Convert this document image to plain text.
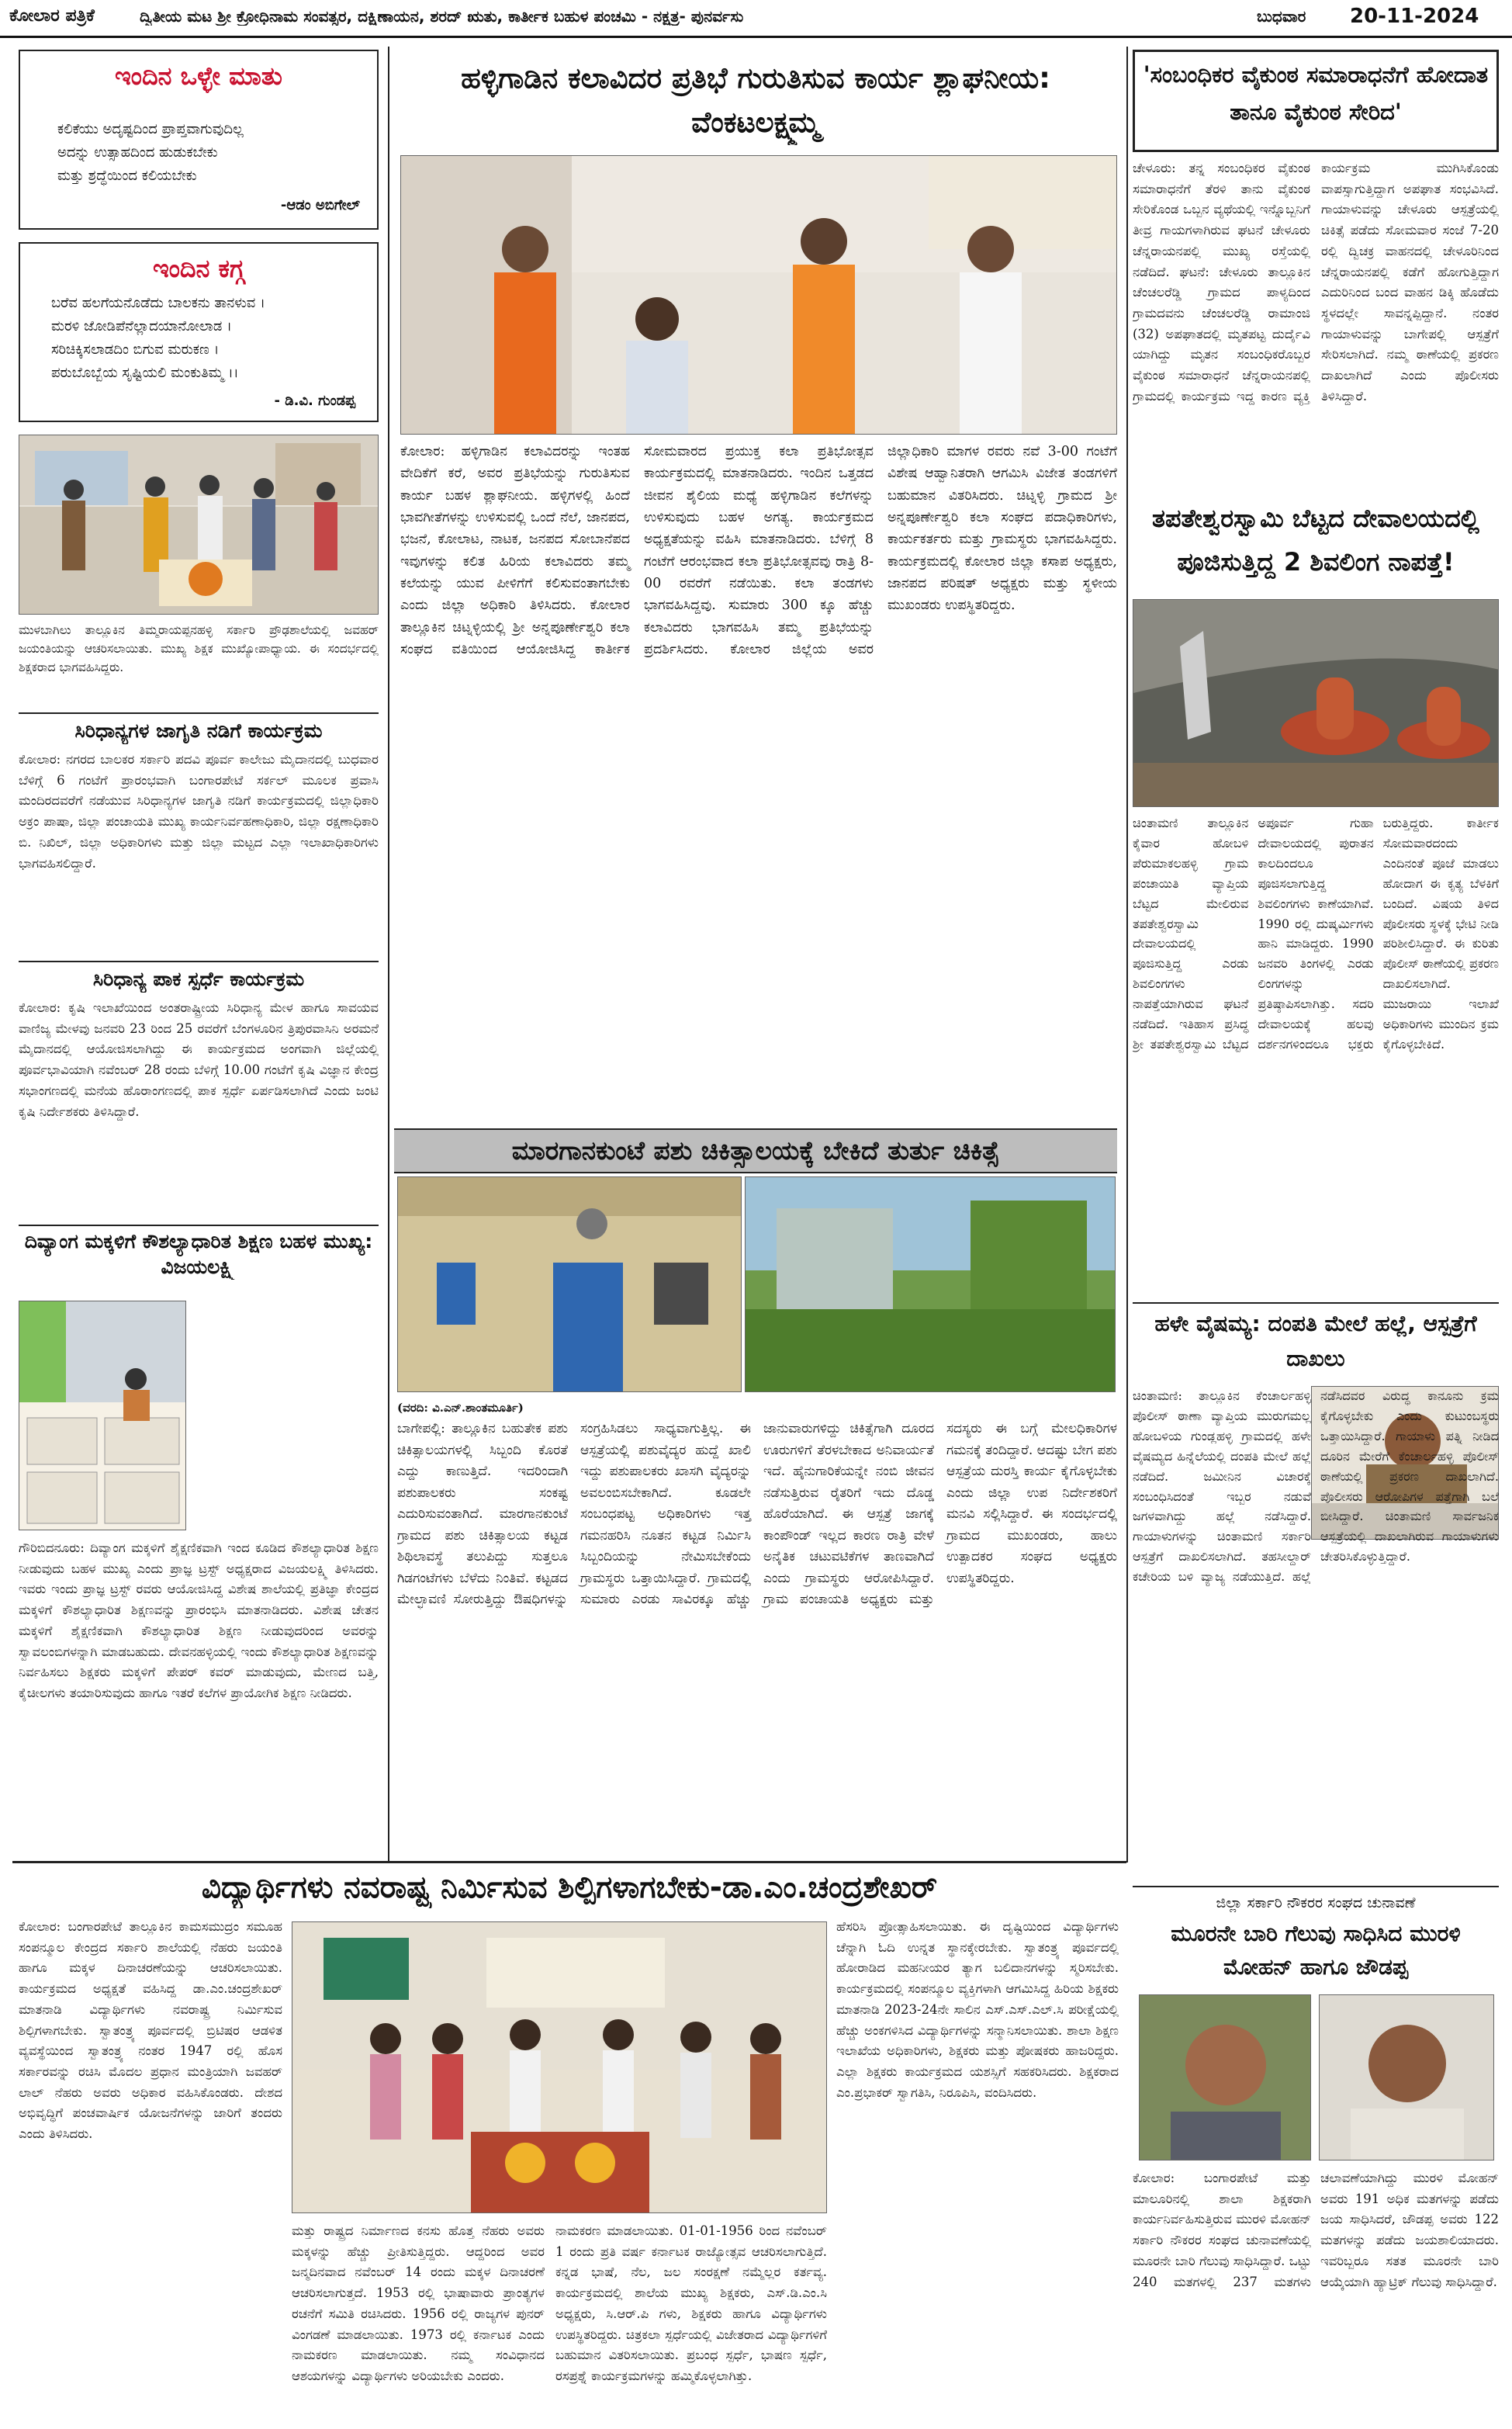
ಕೋಲಾರ ಪತ್ರಿಕೆ	ದ್ವಿತೀಯ ಮಟ ಶ್ರೀ ಕ್ರೋಧಿನಾಮ ಸಂವತ್ಸರ, ದಕ್ಷಿಣಾಯನ, ಶರದ್ ಋತು, ಕಾರ್ತೀಕ ಬಹುಳ ಪಂಚಮಿ - ನಕ್ಷತ್ರ- ಪುನರ್ವಸು	ಬುಧವಾರ 20-11-2024
ಇಂದಿನ ಒಳ್ಳೇ ಮಾತು
ಕಲಿಕೆಯು ಅದೃಷ್ಟದಿಂದ ಪ್ರಾಪ್ತವಾಗುವುದಿಲ್ಲ
ಅದನ್ನು ಉತ್ಸಾಹದಿಂದ ಹುಡುಕಬೇಕು
ಮತ್ತು ಶ್ರದ್ಧೆಯಿಂದ ಕಲಿಯಬೇಕು
-ಆಡಂ ಅಬಿಗೇಲ್
ಇಂದಿನ ಕಗ್ಗ
ಬರೆವ ಹಲಗೆಯನೊಡೆದು ಬಾಲಕನು ತಾನಳುವ ।
ಮರಳಿ ಜೋಡಿಪೆನೆಲ್ಲಾದಯಾನೋಲಾಡ ।
ಸರಿಚಿಕ್ಕಿಸಲಾಡದಿಂ ಬಿಗುವ ಮರುಕಣ ।
ಪರುಬೊಬ್ಬೆಯ ಸೃಷ್ಟಿಯಲಿ ಮಂಕುತಿಮ್ಮ ।।
- ಡಿ.ವಿ. ಗುಂಡಪ್ಪ
ಮುಳಬಾಗಿಲು ತಾಲ್ಲೂಕಿನ ತಿಮ್ಮರಾಯಪ್ಪನಹಳ್ಳಿ ಸರ್ಕಾರಿ ಪ್ರೌಢಶಾಲೆಯಲ್ಲಿ ಜವಹರ್ ಜಯಂತಿಯನ್ನು ಆಚರಿಸಲಾಯಿತು. ಮುಖ್ಯ ಶಿಕ್ಷಕ ಮುಖ್ಯೋಪಾಧ್ಯಾಯ. ಈ ಸಂದರ್ಭದಲ್ಲಿ ಶಿಕ್ಷಕರಾದ ಭಾಗವಹಿಸಿದ್ದರು.
ಸಿರಿಧಾನ್ಯಗಳ ಜಾಗೃತಿ ನಡಿಗೆ ಕಾರ್ಯಕ್ರಮ
ಕೋಲಾರ: ನಗರದ ಬಾಲಕರ ಸರ್ಕಾರಿ ಪದವಿ ಪೂರ್ವ ಕಾಲೇಜು ಮೈದಾನದಲ್ಲಿ ಬುಧವಾರ ಬೆಳಿಗ್ಗೆ 6 ಗಂಟೆಗೆ ಪ್ರಾರಂಭವಾಗಿ ಬಂಗಾರಪೇಟೆ ಸರ್ಕಲ್ ಮೂಲಕ ಪ್ರವಾಸಿ ಮಂದಿರದವರೆಗೆ ನಡೆಯುವ ಸಿರಿಧಾನ್ಯಗಳ ಜಾಗೃತಿ ನಡಿಗೆ ಕಾರ್ಯಕ್ರಮದಲ್ಲಿ ಜಿಲ್ಲಾಧಿಕಾರಿ ಅಕ್ರಂ ಪಾಷಾ, ಜಿಲ್ಲಾ ಪಂಚಾಯತಿ ಮುಖ್ಯ ಕಾರ್ಯನಿರ್ವಹಣಾಧಿಕಾರಿ, ಜಿಲ್ಲಾ ರಕ್ಷಣಾಧಿಕಾರಿ ಬಿ. ನಿಖಿಲ್, ಜಿಲ್ಲಾ ಅಧಿಕಾರಿಗಳು ಮತ್ತು ಜಿಲ್ಲಾ ಮಟ್ಟದ ಎಲ್ಲಾ ಇಲಾಖಾಧಿಕಾರಿಗಳು ಭಾಗವಹಿಸಲಿದ್ದಾರೆ.
ಸಿರಿಧಾನ್ಯ ಪಾಕ ಸ್ಪರ್ಧೆ ಕಾರ್ಯಕ್ರಮ
ಕೋಲಾರ: ಕೃಷಿ ಇಲಾಖೆಯಿಂದ ಅಂತರಾಷ್ಟ್ರೀಯ ಸಿರಿಧಾನ್ಯ ಮೇಳ ಹಾಗೂ ಸಾವಯವ ವಾಣಿಜ್ಯ ಮೇಳವು ಜನವರಿ 23 ರಿಂದ 25 ರವರೆಗೆ ಬೆಂಗಳೂರಿನ ತ್ರಿಪುರವಾಸಿನಿ ಅರಮನೆ ಮೈದಾನದಲ್ಲಿ ಆಯೋಜಿಸಲಾಗಿದ್ದು ಈ ಕಾರ್ಯಕ್ರಮದ ಅಂಗವಾಗಿ ಜಿಲ್ಲೆಯಲ್ಲಿ ಪೂರ್ವಭಾವಿಯಾಗಿ ನವೆಂಬರ್ 28 ರಂದು ಬೆಳಿಗ್ಗೆ 10.00 ಗಂಟೆಗೆ ಕೃಷಿ ವಿಜ್ಞಾನ ಕೇಂದ್ರ ಸಭಾಂಗಣದಲ್ಲಿ ಮನೆಯ ಹೊರಾಂಗಣದಲ್ಲಿ ಪಾಕ ಸ್ಪರ್ಧೆ ಏರ್ಪಡಿಸಲಾಗಿದೆ ಎಂದು ಜಂಟಿ ಕೃಷಿ ನಿರ್ದೇಶಕರು ತಿಳಿಸಿದ್ದಾರೆ.
ದಿವ್ಯಾಂಗ ಮಕ್ಕಳಿಗೆ ಕೌಶಲ್ಯಾಧಾರಿತ ಶಿಕ್ಷಣ ಬಹಳ ಮುಖ್ಯ: ವಿಜಯಲಕ್ಷ್ಮಿ
ಗೌರಿಬಿದನೂರು: ದಿವ್ಯಾಂಗ ಮಕ್ಕಳಿಗೆ ಶೈಕ್ಷಣಿಕವಾಗಿ ಇಂದ ಕೂಡಿದ ಕೌಶಲ್ಯಾಧಾರಿತ ಶಿಕ್ಷಣ ನೀಡುವುದು ಬಹಳ ಮುಖ್ಯ ಎಂದು ಪ್ರಾಜ್ಞ ಟ್ರಸ್ಟ್ ಅಧ್ಯಕ್ಷರಾದ ವಿಜಯಲಕ್ಷ್ಮಿ ತಿಳಿಸಿದರು. ಇವರು ಇಂದು ಪ್ರಾಜ್ಞ ಟ್ರಸ್ಟ್ ರವರು ಆಯೋಜಿಸಿದ್ದ ವಿಶೇಷ ಶಾಲೆಯಲ್ಲಿ ಪ್ರತಿಜ್ಞಾ ಕೇಂದ್ರದ ಮಕ್ಕಳಿಗೆ ಕೌಶಲ್ಯಾಧಾರಿತ ಶಿಕ್ಷಣವನ್ನು ಪ್ರಾರಂಭಿಸಿ ಮಾತನಾಡಿದರು. ವಿಶೇಷ ಚೇತನ ಮಕ್ಕಳಿಗೆ ಶೈಕ್ಷಣಿಕವಾಗಿ ಕೌಶಲ್ಯಾಧಾರಿತ ಶಿಕ್ಷಣ ನೀಡುವುದರಿಂದ ಅವರನ್ನು ಸ್ವಾವಲಂಬಿಗಳನ್ನಾಗಿ ಮಾಡಬಹುದು. ದೇವನಹಳ್ಳಿಯಲ್ಲಿ ಇಂದು ಕೌಶಲ್ಯಾಧಾರಿತ ಶಿಕ್ಷಣವನ್ನು ನಿರ್ವಹಿಸಲು ಶಿಕ್ಷಕರು ಮಕ್ಕಳಿಗೆ ಪೇಪರ್ ಕವರ್ ಮಾಡುವುದು, ಮೇಣದ ಬತ್ತಿ, ಕೈಚೀಲಗಳು ತಯಾರಿಸುವುದು ಹಾಗೂ ಇತರೆ ಕಲೆಗಳ ಪ್ರಾಯೋಗಿಕ ಶಿಕ್ಷಣ ನೀಡಿದರು.
ಹಳ್ಳಿಗಾಡಿನ ಕಲಾವಿದರ ಪ್ರತಿಭೆ ಗುರುತಿಸುವ ಕಾರ್ಯ ಶ್ಲಾಘನೀಯ: ವೆಂಕಟಲಕ್ಷ್ಮಮ್ಮ
ಕೋಲಾರ: ಹಳ್ಳಿಗಾಡಿನ ಕಲಾವಿದರನ್ನು ಇಂತಹ ವೇದಿಕೆಗೆ ಕರೆ, ಅವರ ಪ್ರತಿಭೆಯನ್ನು ಗುರುತಿಸುವ ಕಾರ್ಯ ಬಹಳ ಶ್ಲಾಘನೀಯ. ಹಳ್ಳಿಗಳಲ್ಲಿ ಹಿಂದೆ ಭಾವಗೀತೆಗಳನ್ನು ಉಳಿಸುವಲ್ಲಿ ಒಂದೆ ನೆಲೆ, ಜಾನಪದ, ಭಜನೆ, ಕೋಲಾಟ, ನಾಟಕ, ಜನಪದ ಸೋಬಾನೆಪದ ಇವುಗಳನ್ನು ಕಲಿತ ಹಿರಿಯ ಕಲಾವಿದರು ತಮ್ಮ ಕಲೆಯನ್ನು ಯುವ ಪೀಳಿಗೆಗೆ ಕಲಿಸುವಂತಾಗಬೇಕು ಎಂದು ಜಿಲ್ಲಾ ಅಧಿಕಾರಿ ತಿಳಿಸಿದರು. ಕೋಲಾರ ತಾಲ್ಲೂಕಿನ ಚಿಟ್ನಳ್ಳಿಯಲ್ಲಿ ಶ್ರೀ ಅನ್ನಪೂರ್ಣೇಶ್ವರಿ ಕಲಾ ಸಂಘದ ವತಿಯಿಂದ ಆಯೋಜಿಸಿದ್ದ ಕಾರ್ತೀಕ ಸೋಮವಾರದ ಪ್ರಯುಕ್ತ ಕಲಾ ಪ್ರತಿಭೋತ್ಸವ ಕಾರ್ಯಕ್ರಮದಲ್ಲಿ ಮಾತನಾಡಿದರು. ಇಂದಿನ ಒತ್ತಡದ ಜೀವನ ಶೈಲಿಯ ಮಧ್ಯೆ ಹಳ್ಳಿಗಾಡಿನ ಕಲೆಗಳನ್ನು ಉಳಿಸುವುದು ಬಹಳ ಅಗತ್ಯ. ಕಾರ್ಯಕ್ರಮದ ಅಧ್ಯಕ್ಷತೆಯನ್ನು ವಹಿಸಿ ಮಾತನಾಡಿದರು. ಬೆಳಿಗ್ಗೆ 8 ಗಂಟೆಗೆ ಆರಂಭವಾದ ಕಲಾ ಪ್ರತಿಭೋತ್ಸವವು ರಾತ್ರಿ 8-00 ರವರೆಗೆ ನಡೆಯಿತು. ಕಲಾ ತಂಡಗಳು ಭಾಗವಹಿಸಿದ್ದವು. ಸುಮಾರು 300 ಕ್ಕೂ ಹೆಚ್ಚು ಕಲಾವಿದರು ಭಾಗವಹಿಸಿ ತಮ್ಮ ಪ್ರತಿಭೆಯನ್ನು ಪ್ರದರ್ಶಿಸಿದರು. ಕೋಲಾರ ಜಿಲ್ಲೆಯ ಅವರ ಜಿಲ್ಲಾಧಿಕಾರಿ ಮಾಗಳ ರವರು ನವೆ 3-00 ಗಂಟೆಗೆ ವಿಶೇಷ ಆಹ್ವಾನಿತರಾಗಿ ಆಗಮಿಸಿ ವಿಜೇತ ತಂಡಗಳಿಗೆ ಬಹುಮಾನ ವಿತರಿಸಿದರು. ಚಿಟ್ನಳ್ಳಿ ಗ್ರಾಮದ ಶ್ರೀ ಅನ್ನಪೂರ್ಣೇಶ್ವರಿ ಕಲಾ ಸಂಘದ ಪದಾಧಿಕಾರಿಗಳು, ಕಾರ್ಯಕರ್ತರು ಮತ್ತು ಗ್ರಾಮಸ್ಥರು ಭಾಗವಹಿಸಿದ್ದರು. ಕಾರ್ಯಕ್ರಮದಲ್ಲಿ ಕೋಲಾರ ಜಿಲ್ಲಾ ಕಸಾಪ ಅಧ್ಯಕ್ಷರು, ಜಾನಪದ ಪರಿಷತ್ ಅಧ್ಯಕ್ಷರು ಮತ್ತು ಸ್ಥಳೀಯ ಮುಖಂಡರು ಉಪಸ್ಥಿತರಿದ್ದರು.
ಮಾರಗಾನಕುಂಟೆ ಪಶು ಚಿಕಿತ್ಸಾಲಯಕ್ಕೆ ಬೇಕಿದೆ ತುರ್ತು ಚಿಕಿತ್ಸೆ
(ವರದಿ: ವಿ.ಎನ್.ಶಾಂತಮೂರ್ತಿ)
ಬಾಗೇಪಲ್ಲಿ: ತಾಲ್ಲೂಕಿನ ಬಹುತೇಕ ಪಶು ಚಿಕಿತ್ಸಾಲಯಗಳಲ್ಲಿ ಸಿಬ್ಬಂದಿ ಕೊರತೆ ಎದ್ದು ಕಾಣುತ್ತಿದೆ. ಇದರಿಂದಾಗಿ ಪಶುಪಾಲಕರು ಸಂಕಷ್ಟ ಎದುರಿಸುವಂತಾಗಿದೆ. ಮಾರಗಾನಕುಂಟೆ ಗ್ರಾಮದ ಪಶು ಚಿಕಿತ್ಸಾಲಯ ಕಟ್ಟಡ ಶಿಥಿಲಾವಸ್ಥೆ ತಲುಪಿದ್ದು ಸುತ್ತಲೂ ಗಿಡಗಂಟೆಗಳು ಬೆಳೆದು ನಿಂತಿವೆ. ಕಟ್ಟಡದ ಮೇಲ್ಛಾವಣಿ ಸೋರುತ್ತಿದ್ದು ಔಷಧಿಗಳನ್ನು ಸಂಗ್ರಹಿಸಿಡಲು ಸಾಧ್ಯವಾಗುತ್ತಿಲ್ಲ. ಈ ಆಸ್ಪತ್ರೆಯಲ್ಲಿ ಪಶುವೈದ್ಯರ ಹುದ್ದೆ ಖಾಲಿ ಇದ್ದು ಪಶುಪಾಲಕರು ಖಾಸಗಿ ವೈದ್ಯರನ್ನು ಅವಲಂಬಿಸಬೇಕಾಗಿದೆ. ಕೂಡಲೇ ಸಂಬಂಧಪಟ್ಟ ಅಧಿಕಾರಿಗಳು ಇತ್ತ ಗಮನಹರಿಸಿ ನೂತನ ಕಟ್ಟಡ ನಿರ್ಮಿಸಿ ಸಿಬ್ಬಂದಿಯನ್ನು ನೇಮಿಸಬೇಕೆಂದು ಗ್ರಾಮಸ್ಥರು ಒತ್ತಾಯಿಸಿದ್ದಾರೆ. ಗ್ರಾಮದಲ್ಲಿ ಸುಮಾರು ಎರಡು ಸಾವಿರಕ್ಕೂ ಹೆಚ್ಚು ಜಾನುವಾರುಗಳಿದ್ದು ಚಿಕಿತ್ಸೆಗಾಗಿ ದೂರದ ಊರುಗಳಿಗೆ ತೆರಳಬೇಕಾದ ಅನಿವಾರ್ಯತೆ ಇದೆ. ಹೈನುಗಾರಿಕೆಯನ್ನೇ ನಂಬಿ ಜೀವನ ನಡೆಸುತ್ತಿರುವ ರೈತರಿಗೆ ಇದು ದೊಡ್ಡ ಹೊರೆಯಾಗಿದೆ. ಈ ಆಸ್ಪತ್ರೆ ಜಾಗಕ್ಕೆ ಕಾಂಪೌಂಡ್ ಇಲ್ಲದ ಕಾರಣ ರಾತ್ರಿ ವೇಳೆ ಅನೈತಿಕ ಚಟುವಟಿಕೆಗಳ ತಾಣವಾಗಿದೆ ಎಂದು ಗ್ರಾಮಸ್ಥರು ಆರೋಪಿಸಿದ್ದಾರೆ. ಗ್ರಾಮ ಪಂಚಾಯತಿ ಅಧ್ಯಕ್ಷರು ಮತ್ತು ಸದಸ್ಯರು ಈ ಬಗ್ಗೆ ಮೇಲಧಿಕಾರಿಗಳ ಗಮನಕ್ಕೆ ತಂದಿದ್ದಾರೆ. ಆದಷ್ಟು ಬೇಗ ಪಶು ಆಸ್ಪತ್ರೆಯ ದುರಸ್ತಿ ಕಾರ್ಯ ಕೈಗೊಳ್ಳಬೇಕು ಎಂದು ಜಿಲ್ಲಾ ಉಪ ನಿರ್ದೇಶಕರಿಗೆ ಮನವಿ ಸಲ್ಲಿಸಿದ್ದಾರೆ. ಈ ಸಂದರ್ಭದಲ್ಲಿ ಗ್ರಾಮದ ಮುಖಂಡರು, ಹಾಲು ಉತ್ಪಾದಕರ ಸಂಘದ ಅಧ್ಯಕ್ಷರು ಉಪಸ್ಥಿತರಿದ್ದರು.
'ಸಂಬಂಧಿಕರ ವೈಕುಂಠ ಸಮಾರಾಧನೆಗೆ ಹೋದಾತ ತಾನೂ ವೈಕುಂಠ ಸೇರಿದ'
ಚೇಳೂರು: ತನ್ನ ಸಂಬಂಧಿಕರ ವೈಕುಂಠ ಸಮಾರಾಧನೆಗೆ ತೆರಳಿ ತಾನು ವೈಕುಂಠ ಸೇರಿಕೊಂಡ ಒಬ್ಬನ ವ್ಯಥೆಯಲ್ಲಿ ಇನ್ನೊಬ್ಬನಿಗೆ ತೀವ್ರ ಗಾಯಗಳಾಗಿರುವ ಘಟನೆ ಚೇಳೂರು ಚೆನ್ನರಾಯನಪಲ್ಲಿ ಮುಖ್ಯ ರಸ್ತೆಯಲ್ಲಿ ನಡೆದಿದೆ. ಘಟನೆ: ಚೇಳೂರು ತಾಲ್ಲೂಕಿನ ಚೆಂಚಲರೆಡ್ಡಿ ಗ್ರಾಮದ ಪಾಳ್ಯದಿಂದ ಗ್ರಾಮದವನು ಚೆಂಚಲರೆಡ್ಡಿ ರಾಮಾಂಜಿ (32) ಅಪಘಾತದಲ್ಲಿ ಮೃತಪಟ್ಟ ದುರ್ದೈವಿ ಯಾಗಿದ್ದು ಮೃತನ ಸಂಬಂಧಿಕರೊಬ್ಬರ ವೈಕುಂಠ ಸಮಾರಾಧನೆ ಚೆನ್ನರಾಯನಪಲ್ಲಿ ಗ್ರಾಮದಲ್ಲಿ ಕಾರ್ಯಕ್ರಮ ಇದ್ದ ಕಾರಣ ವ್ಯಕ್ತಿ ಕಾರ್ಯಕ್ರಮ ಮುಗಿಸಿಕೊಂಡು ವಾಪಸ್ಸಾಗುತ್ತಿದ್ದಾಗ ಅಪಘಾತ ಸಂಭವಿಸಿದೆ. ಗಾಯಾಳುವನ್ನು ಚೇಳೂರು ಆಸ್ಪತ್ರೆಯಲ್ಲಿ ಚಿಕಿತ್ಸೆ ಪಡೆದು ಸೋಮವಾರ ಸಂಜೆ 7-20 ರಲ್ಲಿ ದ್ವಿಚಕ್ರ ವಾಹನದಲ್ಲಿ ಚೇಳೂರಿನಿಂದ ಚೆನ್ನರಾಯನಪಲ್ಲಿ ಕಡೆಗೆ ಹೋಗುತ್ತಿದ್ದಾಗ ಎದುರಿನಿಂದ ಬಂದ ವಾಹನ ಡಿಕ್ಕಿ ಹೊಡೆದು ಸ್ಥಳದಲ್ಲೇ ಸಾವನ್ನಪ್ಪಿದ್ದಾನೆ. ನಂತರ ಗಾಯಾಳುವನ್ನು ಬಾಗೇಪಲ್ಲಿ ಆಸ್ಪತ್ರೆಗೆ ಸೇರಿಸಲಾಗಿದೆ. ನಮ್ಮ ಠಾಣೆಯಲ್ಲಿ ಪ್ರಕರಣ ದಾಖಲಾಗಿದೆ ಎಂದು ಪೊಲೀಸರು ತಿಳಿಸಿದ್ದಾರೆ.
ತಪತೇಶ್ವರಸ್ವಾಮಿ ಬೆಟ್ಟದ ದೇವಾಲಯದಲ್ಲಿ ಪೂಜಿಸುತ್ತಿದ್ದ 2 ಶಿವಲಿಂಗ ನಾಪತ್ತೆ!
ಚಿಂತಾಮಣಿ ತಾಲ್ಲೂಕಿನ ಕೈವಾರ ಹೋಬಳಿ ಪೆರುಮಾಕಲಹಳ್ಳಿ ಗ್ರಾಮ ಪಂಚಾಯಿತಿ ವ್ಯಾಪ್ತಿಯ ಬೆಟ್ಟದ ಮೇಲಿರುವ ತಪತೇಶ್ವರಸ್ವಾಮಿ ದೇವಾಲಯದಲ್ಲಿ ಪೂಜಿಸುತ್ತಿದ್ದ ಎರಡು ಶಿವಲಿಂಗಗಳು ನಾಪತ್ತೆಯಾಗಿರುವ ಘಟನೆ ನಡೆದಿದೆ. ಇತಿಹಾಸ ಪ್ರಸಿದ್ಧ ಶ್ರೀ ತಪತೇಶ್ವರಸ್ವಾಮಿ ಬೆಟ್ಟದ ಅಪೂರ್ವ ಗುಹಾ ದೇವಾಲಯದಲ್ಲಿ ಪುರಾತನ ಕಾಲದಿಂದಲೂ ಪೂಜಿಸಲಾಗುತ್ತಿದ್ದ ಶಿವಲಿಂಗಗಳು ಕಾಣೆಯಾಗಿವೆ. 1990 ರಲ್ಲಿ ದುಷ್ಕರ್ಮಿಗಳು ಹಾನಿ ಮಾಡಿದ್ದರು. 1990 ಜನವರಿ ತಿಂಗಳಲ್ಲಿ ಎರಡು ಲಿಂಗಗಳನ್ನು ಪ್ರತಿಷ್ಠಾಪಿಸಲಾಗಿತ್ತು. ಸದರಿ ದೇವಾಲಯಕ್ಕೆ ಹಲವು ದರ್ಶನಗಳಿಂದಲೂ ಭಕ್ತರು ಬರುತ್ತಿದ್ದರು. ಕಾರ್ತೀಕ ಸೋಮವಾರದಂದು ಎಂದಿನಂತೆ ಪೂಜೆ ಮಾಡಲು ಹೋದಾಗ ಈ ಕೃತ್ಯ ಬೆಳಕಿಗೆ ಬಂದಿದೆ. ವಿಷಯ ತಿಳಿದ ಪೊಲೀಸರು ಸ್ಥಳಕ್ಕೆ ಭೇಟಿ ನೀಡಿ ಪರಿಶೀಲಿಸಿದ್ದಾರೆ. ಈ ಕುರಿತು ಪೊಲೀಸ್ ಠಾಣೆಯಲ್ಲಿ ಪ್ರಕರಣ ದಾಖಲಿಸಲಾಗಿದೆ. ಮುಜರಾಯಿ ಇಲಾಖೆ ಅಧಿಕಾರಿಗಳು ಮುಂದಿನ ಕ್ರಮ ಕೈಗೊಳ್ಳಬೇಕಿದೆ.
ಹಳೇ ವೈಷಮ್ಯ: ದಂಪತಿ ಮೇಲೆ ಹಲ್ಲೆ, ಆಸ್ಪತ್ರೆಗೆ ದಾಖಲು
ಚಿಂತಾಮಣಿ: ತಾಲ್ಲೂಕಿನ ಕೆಂಚಾರ್ಲಹಳ್ಳಿ ಪೊಲೀಸ್ ಠಾಣಾ ವ್ಯಾಪ್ತಿಯ ಮುರುಗಮಲ್ಲ ಹೋಬಳಿಯ ಗುಂಡ್ಲಹಳ್ಳಿ ಗ್ರಾಮದಲ್ಲಿ ಹಳೇ ವೈಷಮ್ಯದ ಹಿನ್ನೆಲೆಯಲ್ಲಿ ದಂಪತಿ ಮೇಲೆ ಹಲ್ಲೆ ನಡೆದಿದೆ. ಜಮೀನಿನ ವಿಚಾರಕ್ಕೆ ಸಂಬಂಧಿಸಿದಂತೆ ಇಬ್ಬರ ನಡುವೆ ಜಗಳವಾಗಿದ್ದು ಹಲ್ಲೆ ನಡೆಸಿದ್ದಾರೆ. ಗಾಯಾಳುಗಳನ್ನು ಚಿಂತಾಮಣಿ ಸರ್ಕಾರಿ ಆಸ್ಪತ್ರೆಗೆ ದಾಖಲಿಸಲಾಗಿದೆ. ತಹಸೀಲ್ದಾರ್ ಕಚೇರಿಯ ಬಳಿ ವ್ಯಾಜ್ಯ ನಡೆಯುತ್ತಿದೆ. ಹಲ್ಲೆ ನಡೆಸಿದವರ ವಿರುದ್ಧ ಕಾನೂನು ಕ್ರಮ ಕೈಗೊಳ್ಳಬೇಕು ಎಂದು ಕುಟುಂಬಸ್ಥರು ಒತ್ತಾಯಿಸಿದ್ದಾರೆ. ಗಾಯಾಳು ಪತ್ನಿ ನೀಡಿದ ದೂರಿನ ಮೇರೆಗೆ ಕೆಂಚಾರ್ಲಹಳ್ಳಿ ಪೊಲೀಸ್ ಠಾಣೆಯಲ್ಲಿ ಪ್ರಕರಣ ದಾಖಲಾಗಿದೆ. ಪೊಲೀಸರು ಆರೋಪಿಗಳ ಪತ್ತೆಗಾಗಿ ಬಲೆ ಬೀಸಿದ್ದಾರೆ. ಚಿಂತಾಮಣಿ ಸಾರ್ವಜನಿಕ ಆಸ್ಪತ್ರೆಯಲ್ಲಿ ದಾಖಲಾಗಿರುವ ಗಾಯಾಳುಗಳು ಚೇತರಿಸಿಕೊಳ್ಳುತ್ತಿದ್ದಾರೆ.
ವಿದ್ಯಾರ್ಥಿಗಳು ನವರಾಷ್ಟ್ರ ನಿರ್ಮಿಸುವ ಶಿಲ್ಪಿಗಳಾಗಬೇಕು-ಡಾ.ಎಂ.ಚಂದ್ರಶೇಖರ್
ಕೋಲಾರ: ಬಂಗಾರಪೇಟೆ ತಾಲ್ಲೂಕಿನ ಕಾಮಸಮುದ್ರಂ ಸಮೂಹ ಸಂಪನ್ಮೂಲ ಕೇಂದ್ರದ ಸರ್ಕಾರಿ ಶಾಲೆಯಲ್ಲಿ ನೆಹರು ಜಯಂತಿ ಹಾಗೂ ಮಕ್ಕಳ ದಿನಾಚರಣೆಯನ್ನು ಆಚರಿಸಲಾಯಿತು. ಕಾರ್ಯಕ್ರಮದ ಅಧ್ಯಕ್ಷತೆ ವಹಿಸಿದ್ದ ಡಾ.ಎಂ.ಚಂದ್ರಶೇಖರ್ ಮಾತನಾಡಿ ವಿದ್ಯಾರ್ಥಿಗಳು ನವರಾಷ್ಟ್ರ ನಿರ್ಮಿಸುವ ಶಿಲ್ಪಿಗಳಾಗಬೇಕು. ಸ್ವಾತಂತ್ರ್ಯ ಪೂರ್ವದಲ್ಲಿ ಬ್ರಿಟಿಷರ ಆಡಳಿತ ವ್ಯವಸ್ಥೆಯಿಂದ ಸ್ವಾತಂತ್ರ್ಯ ನಂತರ 1947 ರಲ್ಲಿ ಹೊಸ ಸರ್ಕಾರವನ್ನು ರಚಿಸಿ ಮೊದಲ ಪ್ರಧಾನ ಮಂತ್ರಿಯಾಗಿ ಜವಹರ್ ಲಾಲ್ ನೆಹರು ಅವರು ಅಧಿಕಾರ ವಹಿಸಿಕೊಂಡರು. ದೇಶದ ಅಭಿವೃದ್ಧಿಗೆ ಪಂಚವಾರ್ಷಿಕ ಯೋಜನೆಗಳನ್ನು ಜಾರಿಗೆ ತಂದರು ಎಂದು ತಿಳಿಸಿದರು.
ಮತ್ತು ರಾಷ್ಟ್ರದ ನಿರ್ಮಾಣದ ಕನಸು ಹೊತ್ತ ನೆಹರು ಅವರು ಮಕ್ಕಳನ್ನು ಹೆಚ್ಚು ಪ್ರೀತಿಸುತ್ತಿದ್ದರು. ಆದ್ದರಿಂದ ಅವರ ಜನ್ಮದಿನವಾದ ನವೆಂಬರ್ 14 ರಂದು ಮಕ್ಕಳ ದಿನಾಚರಣೆ ಆಚರಿಸಲಾಗುತ್ತದೆ. 1953 ರಲ್ಲಿ ಭಾಷಾವಾರು ಪ್ರಾಂತ್ಯಗಳ ರಚನೆಗೆ ಸಮಿತಿ ರಚಿಸಿದರು. 1956 ರಲ್ಲಿ ರಾಜ್ಯಗಳ ಪುನರ್ ವಿಂಗಡಣೆ ಮಾಡಲಾಯಿತು. 1973 ರಲ್ಲಿ ಕರ್ನಾಟಕ ಎಂದು ನಾಮಕರಣ ಮಾಡಲಾಯಿತು. ನಮ್ಮ ಸಂವಿಧಾನದ ಆಶಯಗಳನ್ನು ವಿದ್ಯಾರ್ಥಿಗಳು ಅರಿಯಬೇಕು ಎಂದರು.
ನಾಮಕರಣ ಮಾಡಲಾಯಿತು. 01-01-1956 ರಿಂದ ನವೆಂಬರ್ 1 ರಂದು ಪ್ರತಿ ವರ್ಷ ಕರ್ನಾಟಕ ರಾಜ್ಯೋತ್ಸವ ಆಚರಿಸಲಾಗುತ್ತಿದೆ. ಕನ್ನಡ ಭಾಷೆ, ನೆಲ, ಜಲ ಸಂರಕ್ಷಣೆ ನಮ್ಮೆಲ್ಲರ ಕರ್ತವ್ಯ. ಕಾರ್ಯಕ್ರಮದಲ್ಲಿ ಶಾಲೆಯ ಮುಖ್ಯ ಶಿಕ್ಷಕರು, ಎಸ್.ಡಿ.ಎಂ.ಸಿ ಅಧ್ಯಕ್ಷರು, ಸಿ.ಆರ್.ಪಿ ಗಳು, ಶಿಕ್ಷಕರು ಹಾಗೂ ವಿದ್ಯಾರ್ಥಿಗಳು ಉಪಸ್ಥಿತರಿದ್ದರು. ಚಿತ್ರಕಲಾ ಸ್ಪರ್ಧೆಯಲ್ಲಿ ವಿಜೇತರಾದ ವಿದ್ಯಾರ್ಥಿಗಳಿಗೆ ಬಹುಮಾನ ವಿತರಿಸಲಾಯಿತು. ಪ್ರಬಂಧ ಸ್ಪರ್ಧೆ, ಭಾಷಣ ಸ್ಪರ್ಧೆ, ರಸಪ್ರಶ್ನೆ ಕಾರ್ಯಕ್ರಮಗಳನ್ನು ಹಮ್ಮಿಕೊಳ್ಳಲಾಗಿತ್ತು.
ಹೆಸರಿಸಿ ಪ್ರೋತ್ಸಾಹಿಸಲಾಯಿತು. ಈ ದೃಷ್ಟಿಯಿಂದ ವಿದ್ಯಾರ್ಥಿಗಳು ಚೆನ್ನಾಗಿ ಓದಿ ಉನ್ನತ ಸ್ಥಾನಕ್ಕೇರಬೇಕು. ಸ್ವಾತಂತ್ರ್ಯ ಪೂರ್ವದಲ್ಲಿ ಹೋರಾಡಿದ ಮಹನೀಯರ ತ್ಯಾಗ ಬಲಿದಾನಗಳನ್ನು ಸ್ಮರಿಸಬೇಕು. ಕಾರ್ಯಕ್ರಮದಲ್ಲಿ ಸಂಪನ್ಮೂಲ ವ್ಯಕ್ತಿಗಳಾಗಿ ಆಗಮಿಸಿದ್ದ ಹಿರಿಯ ಶಿಕ್ಷಕರು ಮಾತನಾಡಿ 2023-24ನೇ ಸಾಲಿನ ಎಸ್.ಎಸ್.ಎಲ್.ಸಿ ಪರೀಕ್ಷೆಯಲ್ಲಿ ಹೆಚ್ಚು ಅಂಕಗಳಿಸಿದ ವಿದ್ಯಾರ್ಥಿಗಳನ್ನು ಸನ್ಮಾನಿಸಲಾಯಿತು. ಶಾಲಾ ಶಿಕ್ಷಣ ಇಲಾಖೆಯ ಅಧಿಕಾರಿಗಳು, ಶಿಕ್ಷಕರು ಮತ್ತು ಪೋಷಕರು ಹಾಜರಿದ್ದರು. ಎಲ್ಲಾ ಶಿಕ್ಷಕರು ಕಾರ್ಯಕ್ರಮದ ಯಶಸ್ಸಿಗೆ ಸಹಕರಿಸಿದರು. ಶಿಕ್ಷಕರಾದ ಎಂ.ಪ್ರಭಾಕರ್ ಸ್ವಾಗತಿಸಿ, ನಿರೂಪಿಸಿ, ವಂದಿಸಿದರು.
ಜಿಲ್ಲಾ ಸರ್ಕಾರಿ ನೌಕರರ ಸಂಘದ ಚುನಾವಣೆ
ಮೂರನೇ ಬಾರಿ ಗೆಲುವು ಸಾಧಿಸಿದ ಮುರಳಿ ಮೋಹನ್ ಹಾಗೂ ಜೌಡಪ್ಪ
ಕೋಲಾರ: ಬಂಗಾರಪೇಟೆ ಮತ್ತು ಮಾಲೂರಿನಲ್ಲಿ ಶಾಲಾ ಶಿಕ್ಷಕರಾಗಿ ಕಾರ್ಯನಿರ್ವಹಿಸುತ್ತಿರುವ ಮುರಳಿ ಮೋಹನ್ ಸರ್ಕಾರಿ ನೌಕರರ ಸಂಘದ ಚುನಾವಣೆಯಲ್ಲಿ ಮೂರನೇ ಬಾರಿ ಗೆಲುವು ಸಾಧಿಸಿದ್ದಾರೆ. ಒಟ್ಟು 240 ಮತಗಳಲ್ಲಿ 237 ಮತಗಳು ಚಲಾವಣೆಯಾಗಿದ್ದು ಮುರಳಿ ಮೋಹನ್ ಅವರು 191 ಅಧಿಕ ಮತಗಳನ್ನು ಪಡೆದು ಜಯ ಸಾಧಿಸಿದರೆ, ಜೌಡಪ್ಪ ಅವರು 122 ಮತಗಳನ್ನು ಪಡೆದು ಜಯಶಾಲಿಯಾದರು. ಇವರಿಬ್ಬರೂ ಸತತ ಮೂರನೇ ಬಾರಿ ಆಯ್ಕೆಯಾಗಿ ಹ್ಯಾಟ್ರಿಕ್ ಗೆಲುವು ಸಾಧಿಸಿದ್ದಾರೆ.
